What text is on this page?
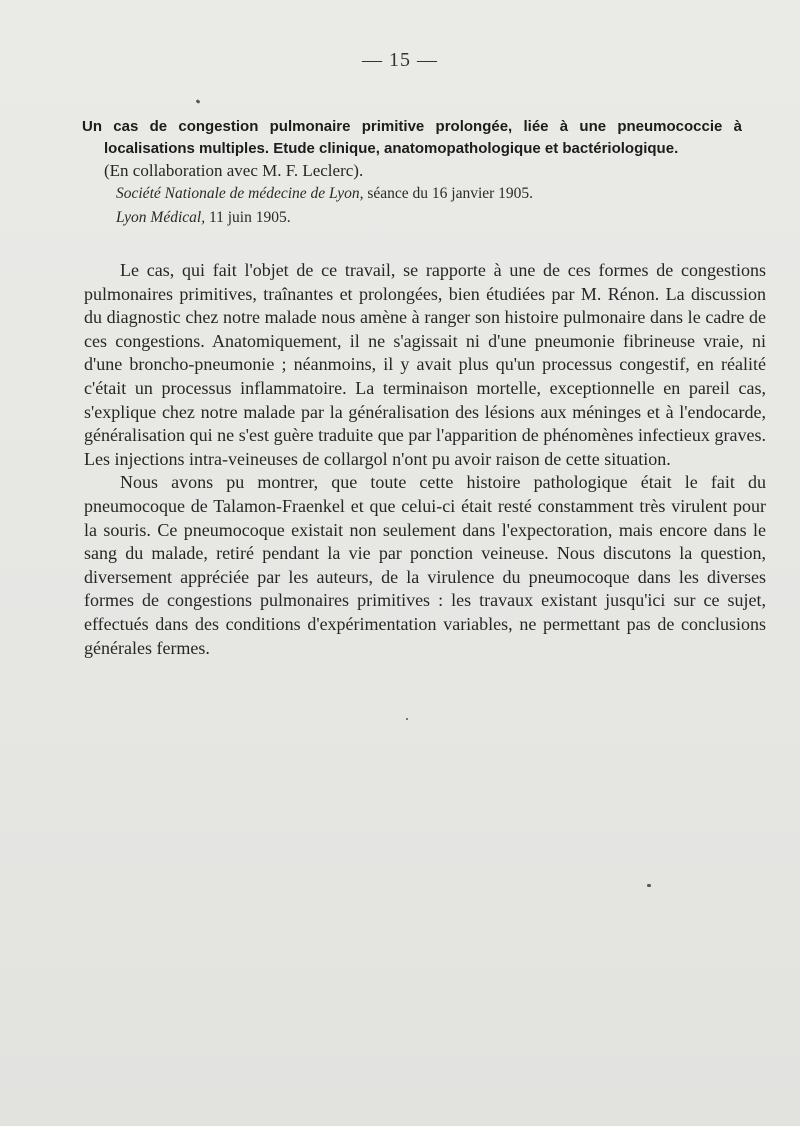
— 15 —

Un cas de congestion pulmonaire primitive prolongée, liée à une pneumococcie à localisations multiples. Etude clinique, anatomopathologique et bactériologique.

(En collaboration avec M. F. Leclerc).
Société Nationale de médecine de Lyon, séance du 16 janvier 1905.
Lyon Médical, 11 juin 1905.

Le cas, qui fait l'objet de ce travail, se rapporte à une de ces formes de congestions pulmonaires primitives, traînantes et prolongées, bien étudiées par M. Rénon. La discussion du diagnostic chez notre malade nous amène à ranger son histoire pulmonaire dans le cadre de ces congestions. Anatomiquement, il ne s'agissait ni d'une pneumonie fibrineuse vraie, ni d'une broncho-pneumonie ; néanmoins, il y avait plus qu'un processus congestif, en réalité c'était un processus inflammatoire. La terminaison mortelle, exceptionnelle en pareil cas, s'explique chez notre malade par la généralisation des lésions aux méninges et à l'endocarde, généralisation qui ne s'est guère traduite que par l'apparition de phénomènes infectieux graves. Les injections intra-veineuses de collargol n'ont pu avoir raison de cette situation.

Nous avons pu montrer, que toute cette histoire pathologique était le fait du pneumocoque de Talamon-Fraenkel et que celui-ci était resté constamment très virulent pour la souris. Ce pneumocoque existait non seulement dans l'expectoration, mais encore dans le sang du malade, retiré pendant la vie par ponction veineuse. Nous discutons la question, diversement appréciée par les auteurs, de la virulence du pneumocoque dans les diverses formes de congestions pulmonaires primitives : les travaux existant jusqu'ici sur ce sujet, effectués dans des conditions d'expérimentation variables, ne permettant pas de conclusions générales fermes.
